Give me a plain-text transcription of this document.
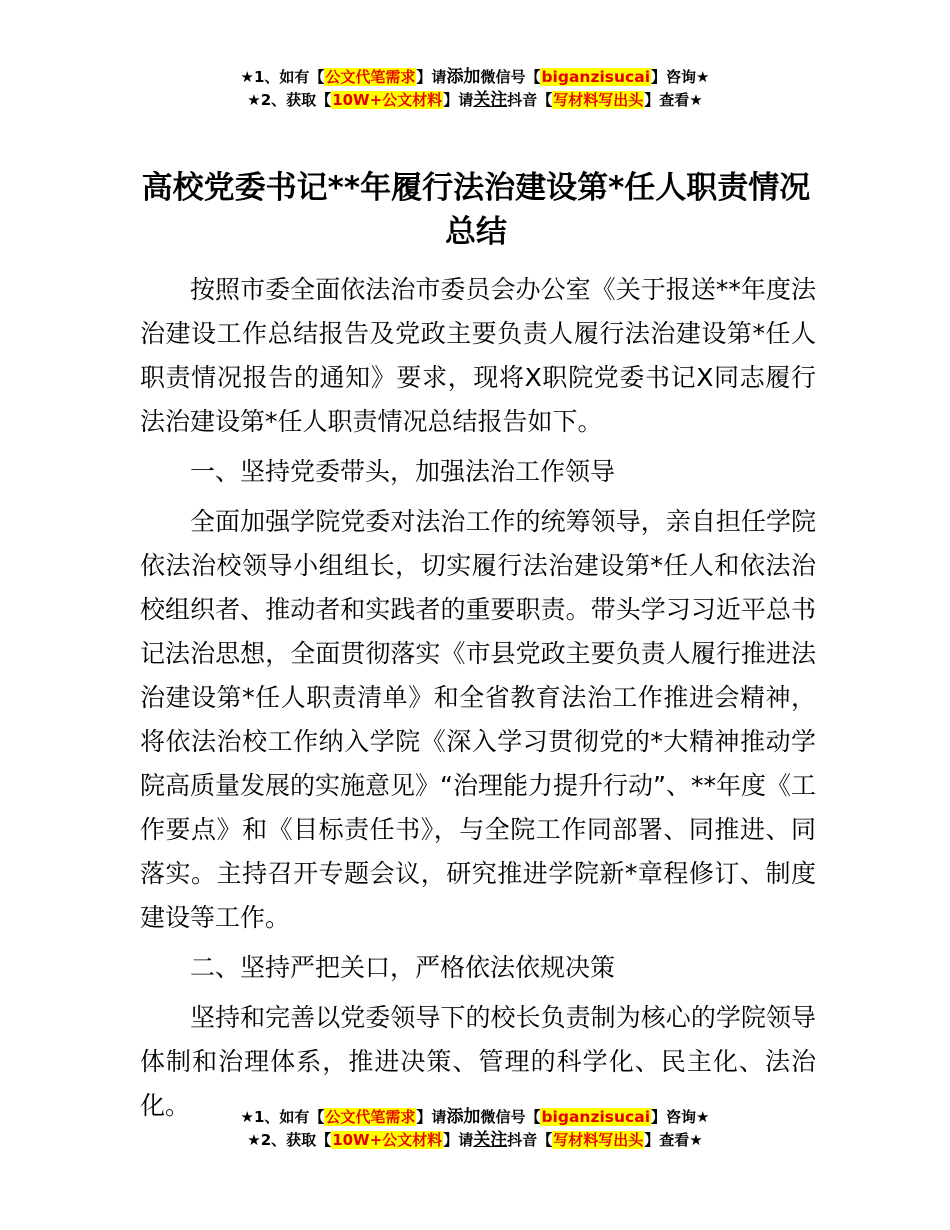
★1、如有【公文代笔需求】请添加微信号【biganzisucai】咨询★
★2、获取【10W+公文材料】请关注抖音【写材料写出头】查看★
高校党委书记**年履行法治建设第*任人职责情况总结

按照市委全面依法治市委员会办公室《关于报送**年度法治建设工作总结报告及党政主要负责人履行法治建设第*任人职责情况报告的通知》要求，现将X职院党委书记X同志履行法治建设第*任人职责情况总结报告如下。

一、坚持党委带头，加强法治工作领导

全面加强学院党委对法治工作的统筹领导，亲自担任学院依法治校领导小组组长，切实履行法治建设第*任人和依法治校组织者、推动者和实践者的重要职责。带头学习习近平总书记法治思想，全面贯彻落实《市县党政主要负责人履行推进法治建设第*任人职责清单》和全省教育法治工作推进会精神，将依法治校工作纳入学院《深入学习贯彻党的*大精神推动学院高质量发展的实施意见》“治理能力提升行动”、**年度《工作要点》和《目标责任书》，与全院工作同部署、同推进、同落实。主持召开专题会议，研究推进学院新*章程修订、制度建设等工作。

二、坚持严把关口，严格依法依规决策

坚持和完善以党委领导下的校长负责制为核心的学院领导体制和治理体系，推进决策、管理的科学化、民主化、法治化。	★1、如有【公文代笔需求】请添加微信号【biganzisucai】咨询★
★2、获取【10W+公文材料】请关注抖音【写材料写出头】查看★
